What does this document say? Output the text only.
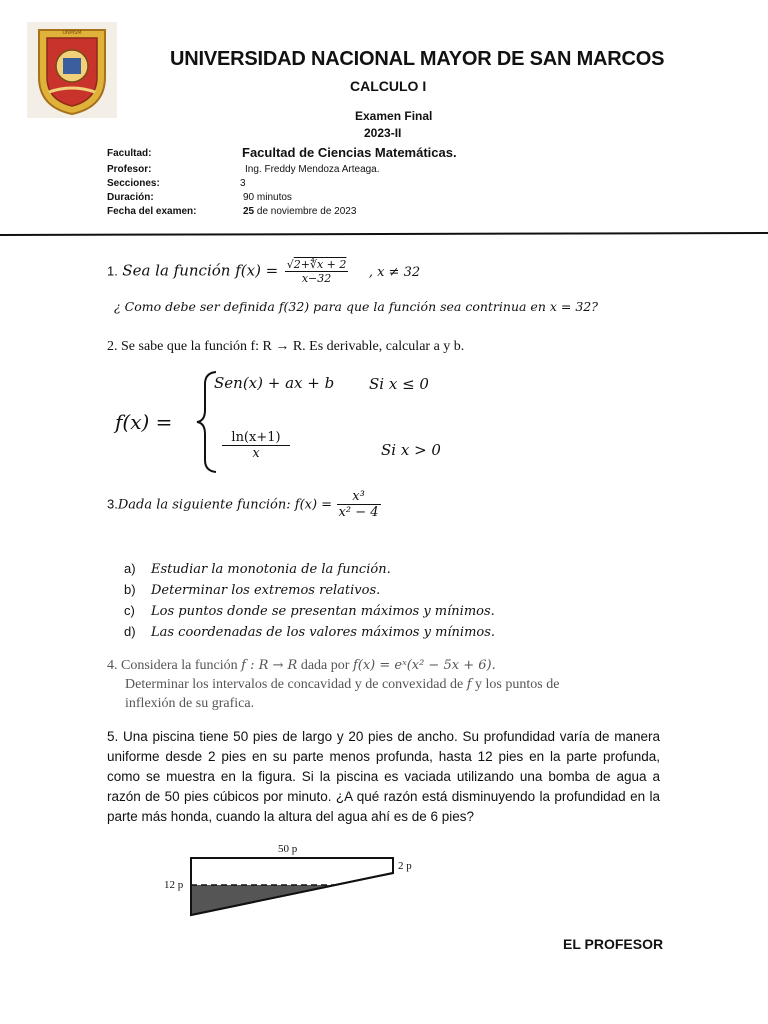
UNMSM
UNIVERSIDAD NACIONAL MAYOR DE SAN MARCOS
CALCULO I
Examen Final
2023-II
Facultad:	Facultad de Ciencias Matemáticas.
Profesor:	Ing. Freddy Mendoza Arteaga.
Secciones:	3
Duración:	90 minutos
Fecha del examen:	25 de noviembre de 2023
1. Sea la función $f(x) = \frac{√2+∜x + 2}{x-32}$ , x ≠ 32
¿ Como debe ser definida f(32) para que la función sea contrinua en x = 32?
2. Se sabe que la función f: R → R. Es derivable, calcular a y b.
f(x) =
Sen(x) + ax + b Si x ≤ 0
$\frac{\ln(x+1)}{x}$	Si x > 0
3.Dada la siguiente función: $f(x) = \frac{\text{x³}}{\text{x² − 4}}$
a) Estudiar la monotonia de la función.
b) Determinar los extremos relativos.
c) Los puntos donde se presentan máximos y mínimos.
d) Las coordenadas de los valores máximos y mínimos.
4. Considera la función f : R → R dada por f(x) = eˣ(x² − 5x + 6).
Determinar los intervalos de concavidad y de convexidad de f y los puntos de
inflexión de su grafica.
5. Una piscina tiene 50 pies de largo y 20 pies de ancho. Su profundidad varía de manera uniforme desde 2 pies en su parte menos profunda, hasta 12 pies en la parte profunda, como se muestra en la figura. Si la piscina es vaciada utilizando una bomba de agua a razón de 50 pies cúbicos por minuto. ¿A qué razón está disminuyendo la profundidad en la parte más honda, cuando la altura del agua ahí es de 6 pies?
50 p
12 p
2 p
EL PROFESOR
